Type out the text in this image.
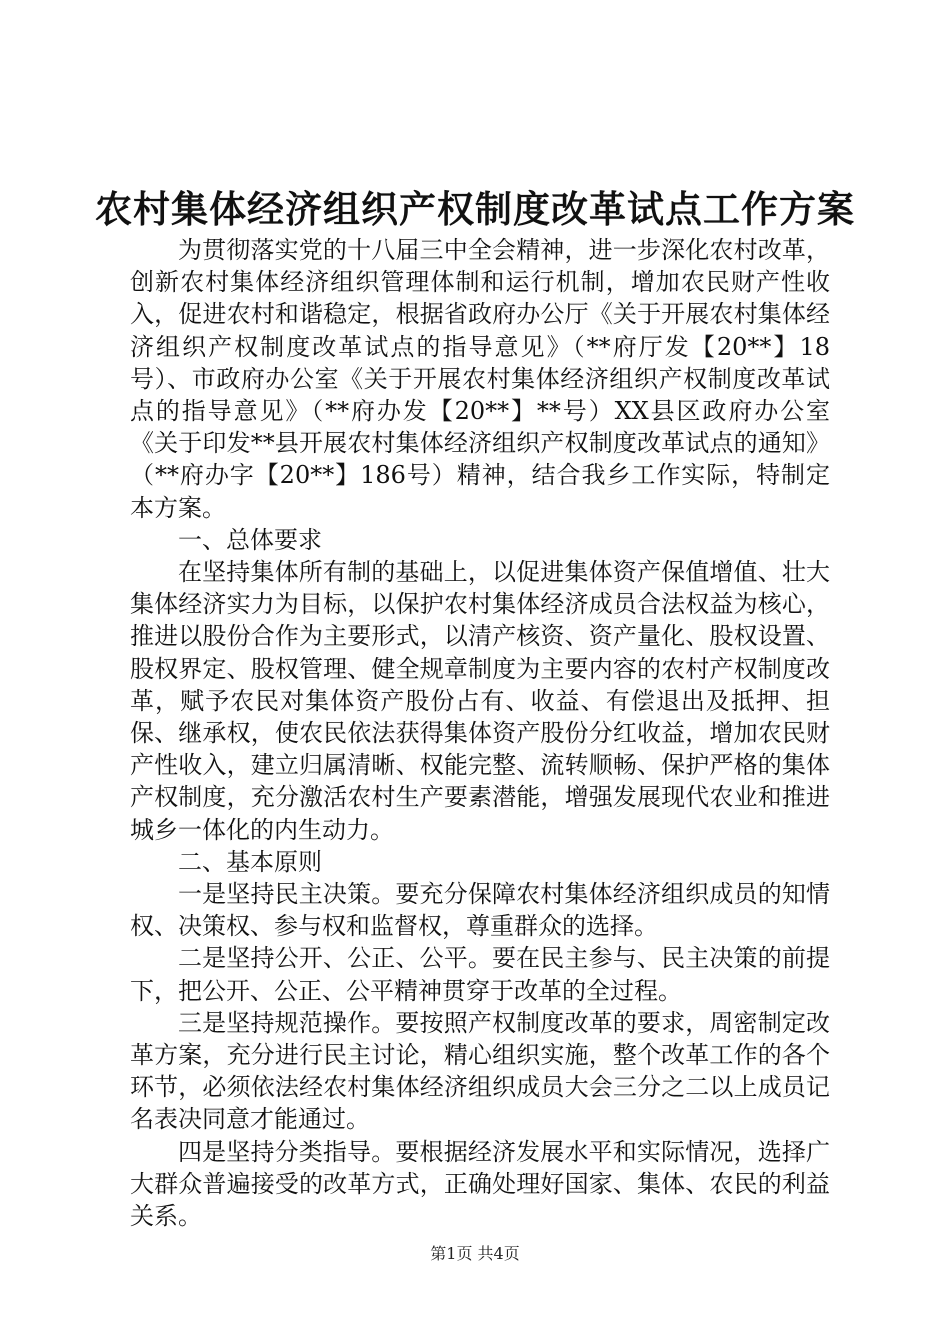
农村集体经济组织产权制度改革试点工作方案

为贯彻落实党的十八届三中全会精神，进一步深化农村改革，创新农村集体经济组织管理体制和运行机制，增加农民财产性收入，促进农村和谐稳定，根据省政府办公厅《关于开展农村集体经济组织产权制度改革试点的指导意见》（**府厅发【20**】18号）、市政府办公室《关于开展农村集体经济组织产权制度改革试点的指导意见》（**府办发【20**】**号）XX县区政府办公室《关于印发**县开展农村集体经济组织产权制度改革试点的通知》（**府办字【20**】186号）精神，结合我乡工作实际，特制定本方案。

一、总体要求

在坚持集体所有制的基础上，以促进集体资产保值增值、壮大集体经济实力为目标，以保护农村集体经济成员合法权益为核心，推进以股份合作为主要形式，以清产核资、资产量化、股权设置、股权界定、股权管理、健全规章制度为主要内容的农村产权制度改革，赋予农民对集体资产股份占有、收益、有偿退出及抵押、担保、继承权，使农民依法获得集体资产股份分红收益，增加农民财产性收入，建立归属清晰、权能完整、流转顺畅、保护严格的集体产权制度，充分激活农村生产要素潜能，增强发展现代农业和推进城乡一体化的内生动力。

二、基本原则

一是坚持民主决策。要充分保障农村集体经济组织成员的知情权、决策权、参与权和监督权，尊重群众的选择。

二是坚持公开、公正、公平。要在民主参与、民主决策的前提下，把公开、公正、公平精神贯穿于改革的全过程。

三是坚持规范操作。要按照产权制度改革的要求，周密制定改革方案，充分进行民主讨论，精心组织实施，整个改革工作的各个环节，必须依法经农村集体经济组织成员大会三分之二以上成员记名表决同意才能通过。

四是坚持分类指导。要根据经济发展水平和实际情况，选择广大群众普遍接受的改革方式，正确处理好国家、集体、农民的利益关系。

第1页 共4页
